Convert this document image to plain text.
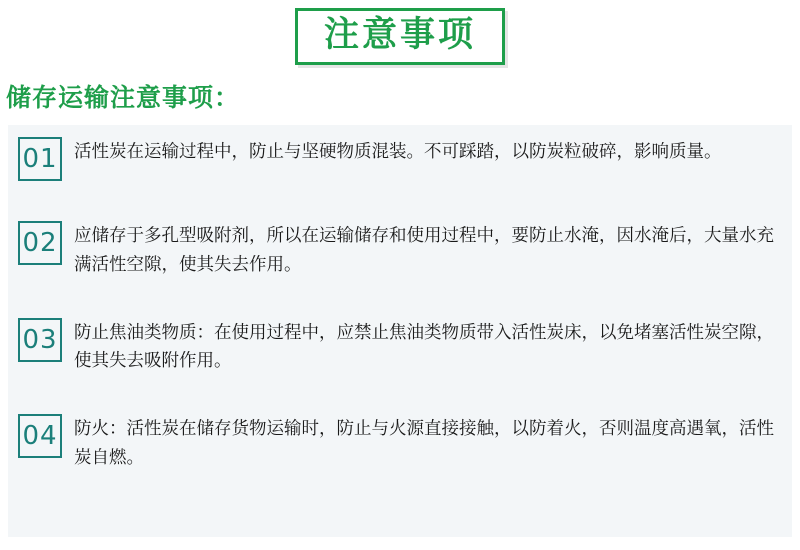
注意事项
储存运输注意事项：
01 活性炭在运输过程中，防止与坚硬物质混装。不可踩踏，以防炭粒破碎，影响质量。
02 应储存于多孔型吸附剂，所以在运输储存和使用过程中，要防止水淹，因水淹后，大量水充满活性空隙，使其失去作用。
03 防止焦油类物质：在使用过程中，应禁止焦油类物质带入活性炭床，以免堵塞活性炭空隙，使其失去吸附作用。
04 防火：活性炭在储存货物运输时，防止与火源直接接触，以防着火，否则温度高遇氧，活性炭自燃。
